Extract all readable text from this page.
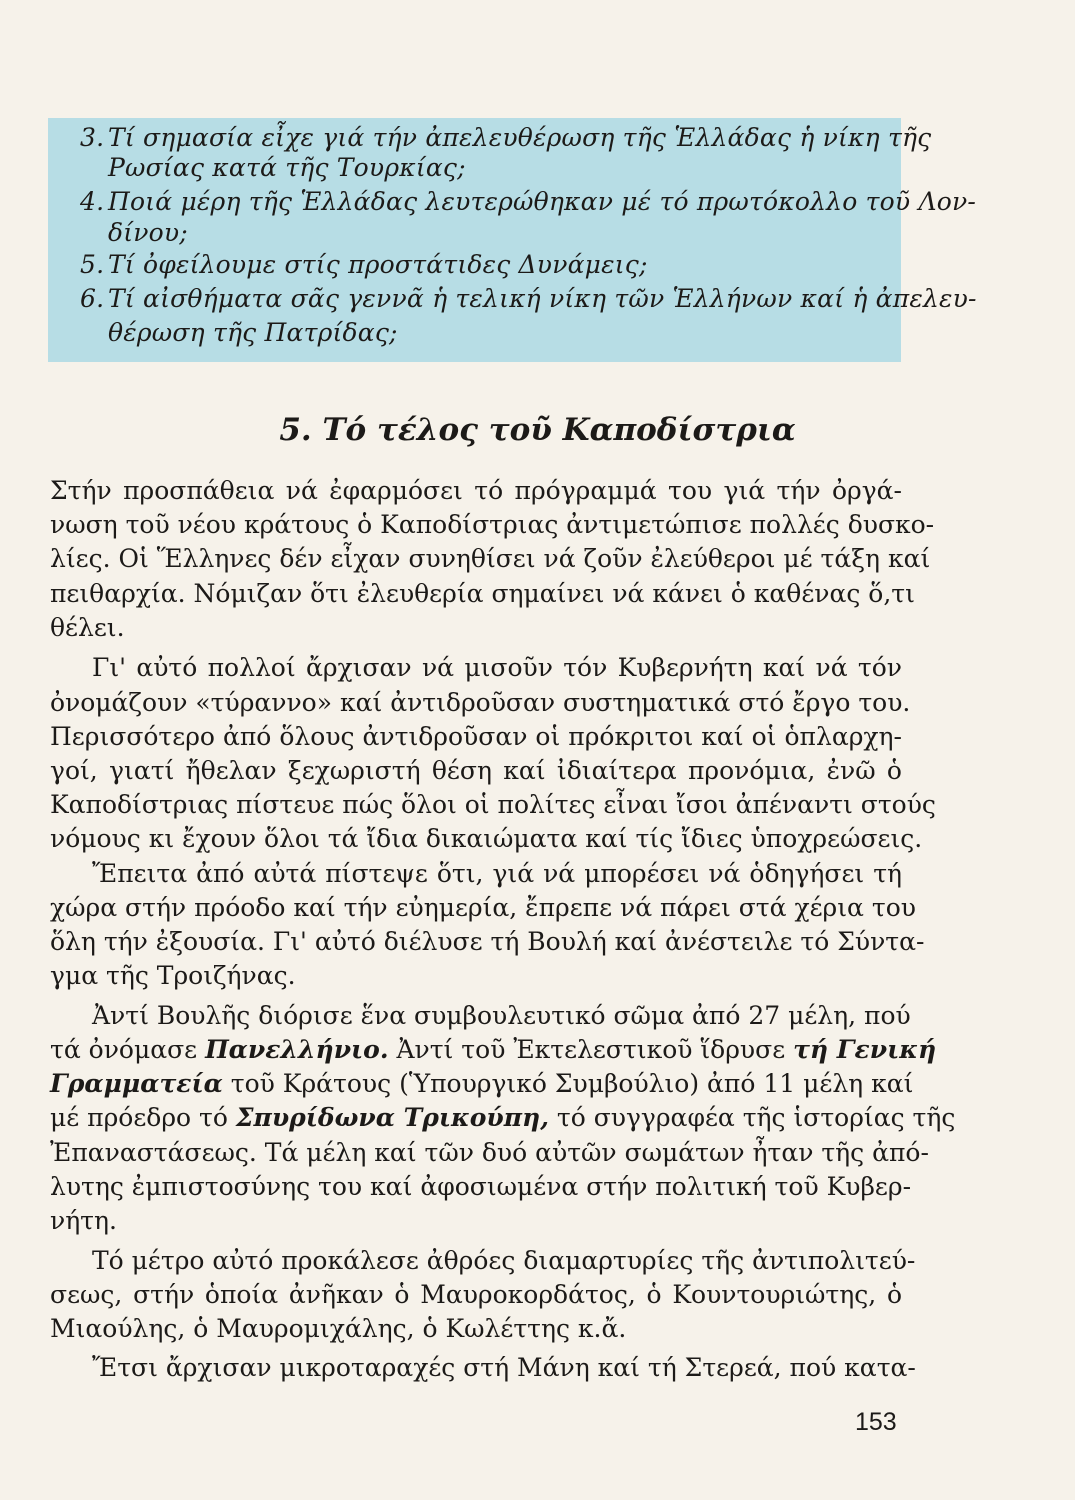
3. Τί σημασία εἶχε γιά τήν ἀπελευθέρωση τῆς Ἑλλάδας ἡ νίκη τῆς
Ρωσίας κατά τῆς Τουρκίας;
4. Ποιά μέρη τῆς Ἑλλάδας λευτερώθηκαν μέ τό πρωτόκολλο τοῦ Λον-
δίνου;
5. Τί ὀφείλουμε στίς προστάτιδες Δυνάμεις;
6. Τί αἰσθήματα σᾶς γεννᾶ ἡ τελική νίκη τῶν Ἑλλήνων καί ἡ ἀπελευ-
θέρωση τῆς Πατρίδας;
5. Τό τέλος τοῦ Καποδίστρια
Στήν προσπάθεια νά ἐφαρμόσει τό πρόγραμμά του γιά τήν ὀργά-
νωση τοῦ νέου κράτους ὁ Καποδίστριας ἀντιμετώπισε πολλές δυσκο-
λίες. Οἱ Ἕλληνες δέν εἶχαν συνηθίσει νά ζοῦν ἐλεύθεροι μέ τάξη καί
πειθαρχία. Νόμιζαν ὅτι ἐλευθερία σημαίνει νά κάνει ὁ καθένας ὅ,τι
θέλει.
Γι' αὐτό πολλοί ἄρχισαν νά μισοῦν τόν Κυβερνήτη καί νά τόν
ὀνομάζουν «τύραννο» καί ἀντιδροῦσαν συστηματικά στό ἔργο του.
Περισσότερο ἀπό ὅλους ἀντιδροῦσαν οἱ πρόκριτοι καί οἱ ὁπλαρχη-
γοί, γιατί ἤθελαν ξεχωριστή θέση καί ἰδιαίτερα προνόμια, ἐνῶ ὁ
Καποδίστριας πίστευε πώς ὅλοι οἱ πολίτες εἶναι ἴσοι ἀπέναντι στούς
νόμους κι ἔχουν ὅλοι τά ἴδια δικαιώματα καί τίς ἴδιες ὑποχρεώσεις.
Ἔπειτα ἀπό αὐτά πίστεψε ὅτι, γιά νά μπορέσει νά ὁδηγήσει τή
χώρα στήν πρόοδο καί τήν εὐημερία, ἔπρεπε νά πάρει στά χέρια του
ὅλη τήν ἐξουσία. Γι' αὐτό διέλυσε τή Βουλή καί ἀνέστειλε τό Σύντα-
γμα τῆς Τροιζήνας.
Ἀντί Βουλῆς διόρισε ἕνα συμβουλευτικό σῶμα ἀπό 27 μέλη, πού
τά ὀνόμασε Πανελλήνιο. Ἀντί τοῦ Ἐκτελεστικοῦ ἵδρυσε τή Γενική
Γραμματεία τοῦ Κράτους (Ὑπουργικό Συμβούλιο) ἀπό 11 μέλη καί
μέ πρόεδρο τό Σπυρίδωνα Τρικούπη, τό συγγραφέα τῆς ἱστορίας τῆς
Ἐπαναστάσεως. Τά μέλη καί τῶν δυό αὐτῶν σωμάτων ἦταν τῆς ἀπό-
λυτης ἐμπιστοσύνης του καί ἀφοσιωμένα στήν πολιτική τοῦ Κυβερ-
νήτη.
Τό μέτρο αὐτό προκάλεσε ἀθρόες διαμαρτυρίες τῆς ἀντιπολιτεύ-
σεως, στήν ὁποία ἀνῆκαν ὁ Μαυροκορδάτος, ὁ Κουντουριώτης, ὁ
Μιαούλης, ὁ Μαυρομιχάλης, ὁ Κωλέττης κ.ἄ.
Ἔτσι ἄρχισαν μικροταραχές στή Μάνη καί τή Στερεά, πού κατα-
153
